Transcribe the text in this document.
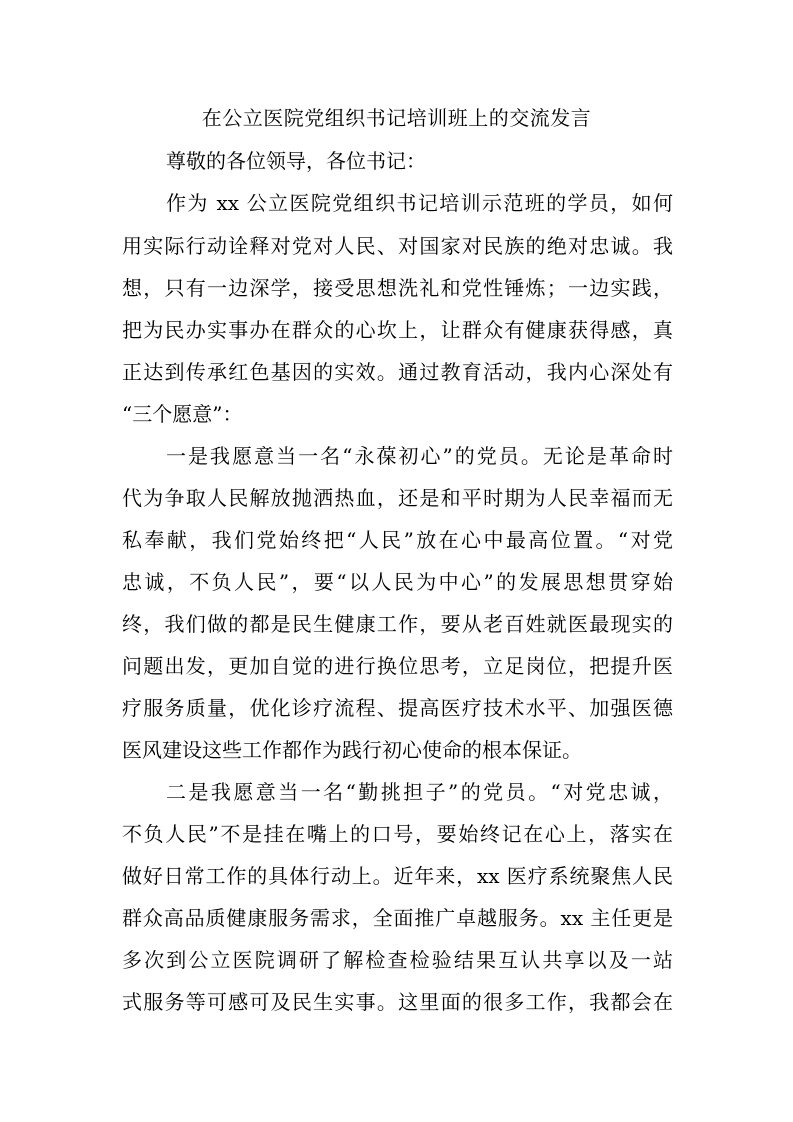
在公立医院党组织书记培训班上的交流发言
尊敬的各位领导，各位书记：
作为 xx 公立医院党组织书记培训示范班的学员，如何
用实际行动诠释对党对人民、对国家对民族的绝对忠诚。我
想，只有一边深学，接受思想洗礼和党性锤炼；一边实践，
把为民办实事办在群众的心坎上，让群众有健康获得感，真
正达到传承红色基因的实效。通过教育活动，我内心深处有
“三个愿意”：
一是我愿意当一名“永葆初心”的党员。无论是革命时
代为争取人民解放抛洒热血，还是和平时期为人民幸福而无
私奉献，我们党始终把“人民”放在心中最高位置。“对党
忠诚，不负人民”，要“以人民为中心”的发展思想贯穿始
终，我们做的都是民生健康工作，要从老百姓就医最现实的
问题出发，更加自觉的进行换位思考，立足岗位，把提升医
疗服务质量，优化诊疗流程、提高医疗技术水平、加强医德
医风建设这些工作都作为践行初心使命的根本保证。
二是我愿意当一名“勤挑担子”的党员。“对党忠诚，
不负人民”不是挂在嘴上的口号，要始终记在心上，落实在
做好日常工作的具体行动上。近年来，xx 医疗系统聚焦人民
群众高品质健康服务需求，全面推广卓越服务。xx 主任更是
多次到公立医院调研了解检查检验结果互认共享以及一站
式服务等可感可及民生实事。这里面的很多工作，我都会在
